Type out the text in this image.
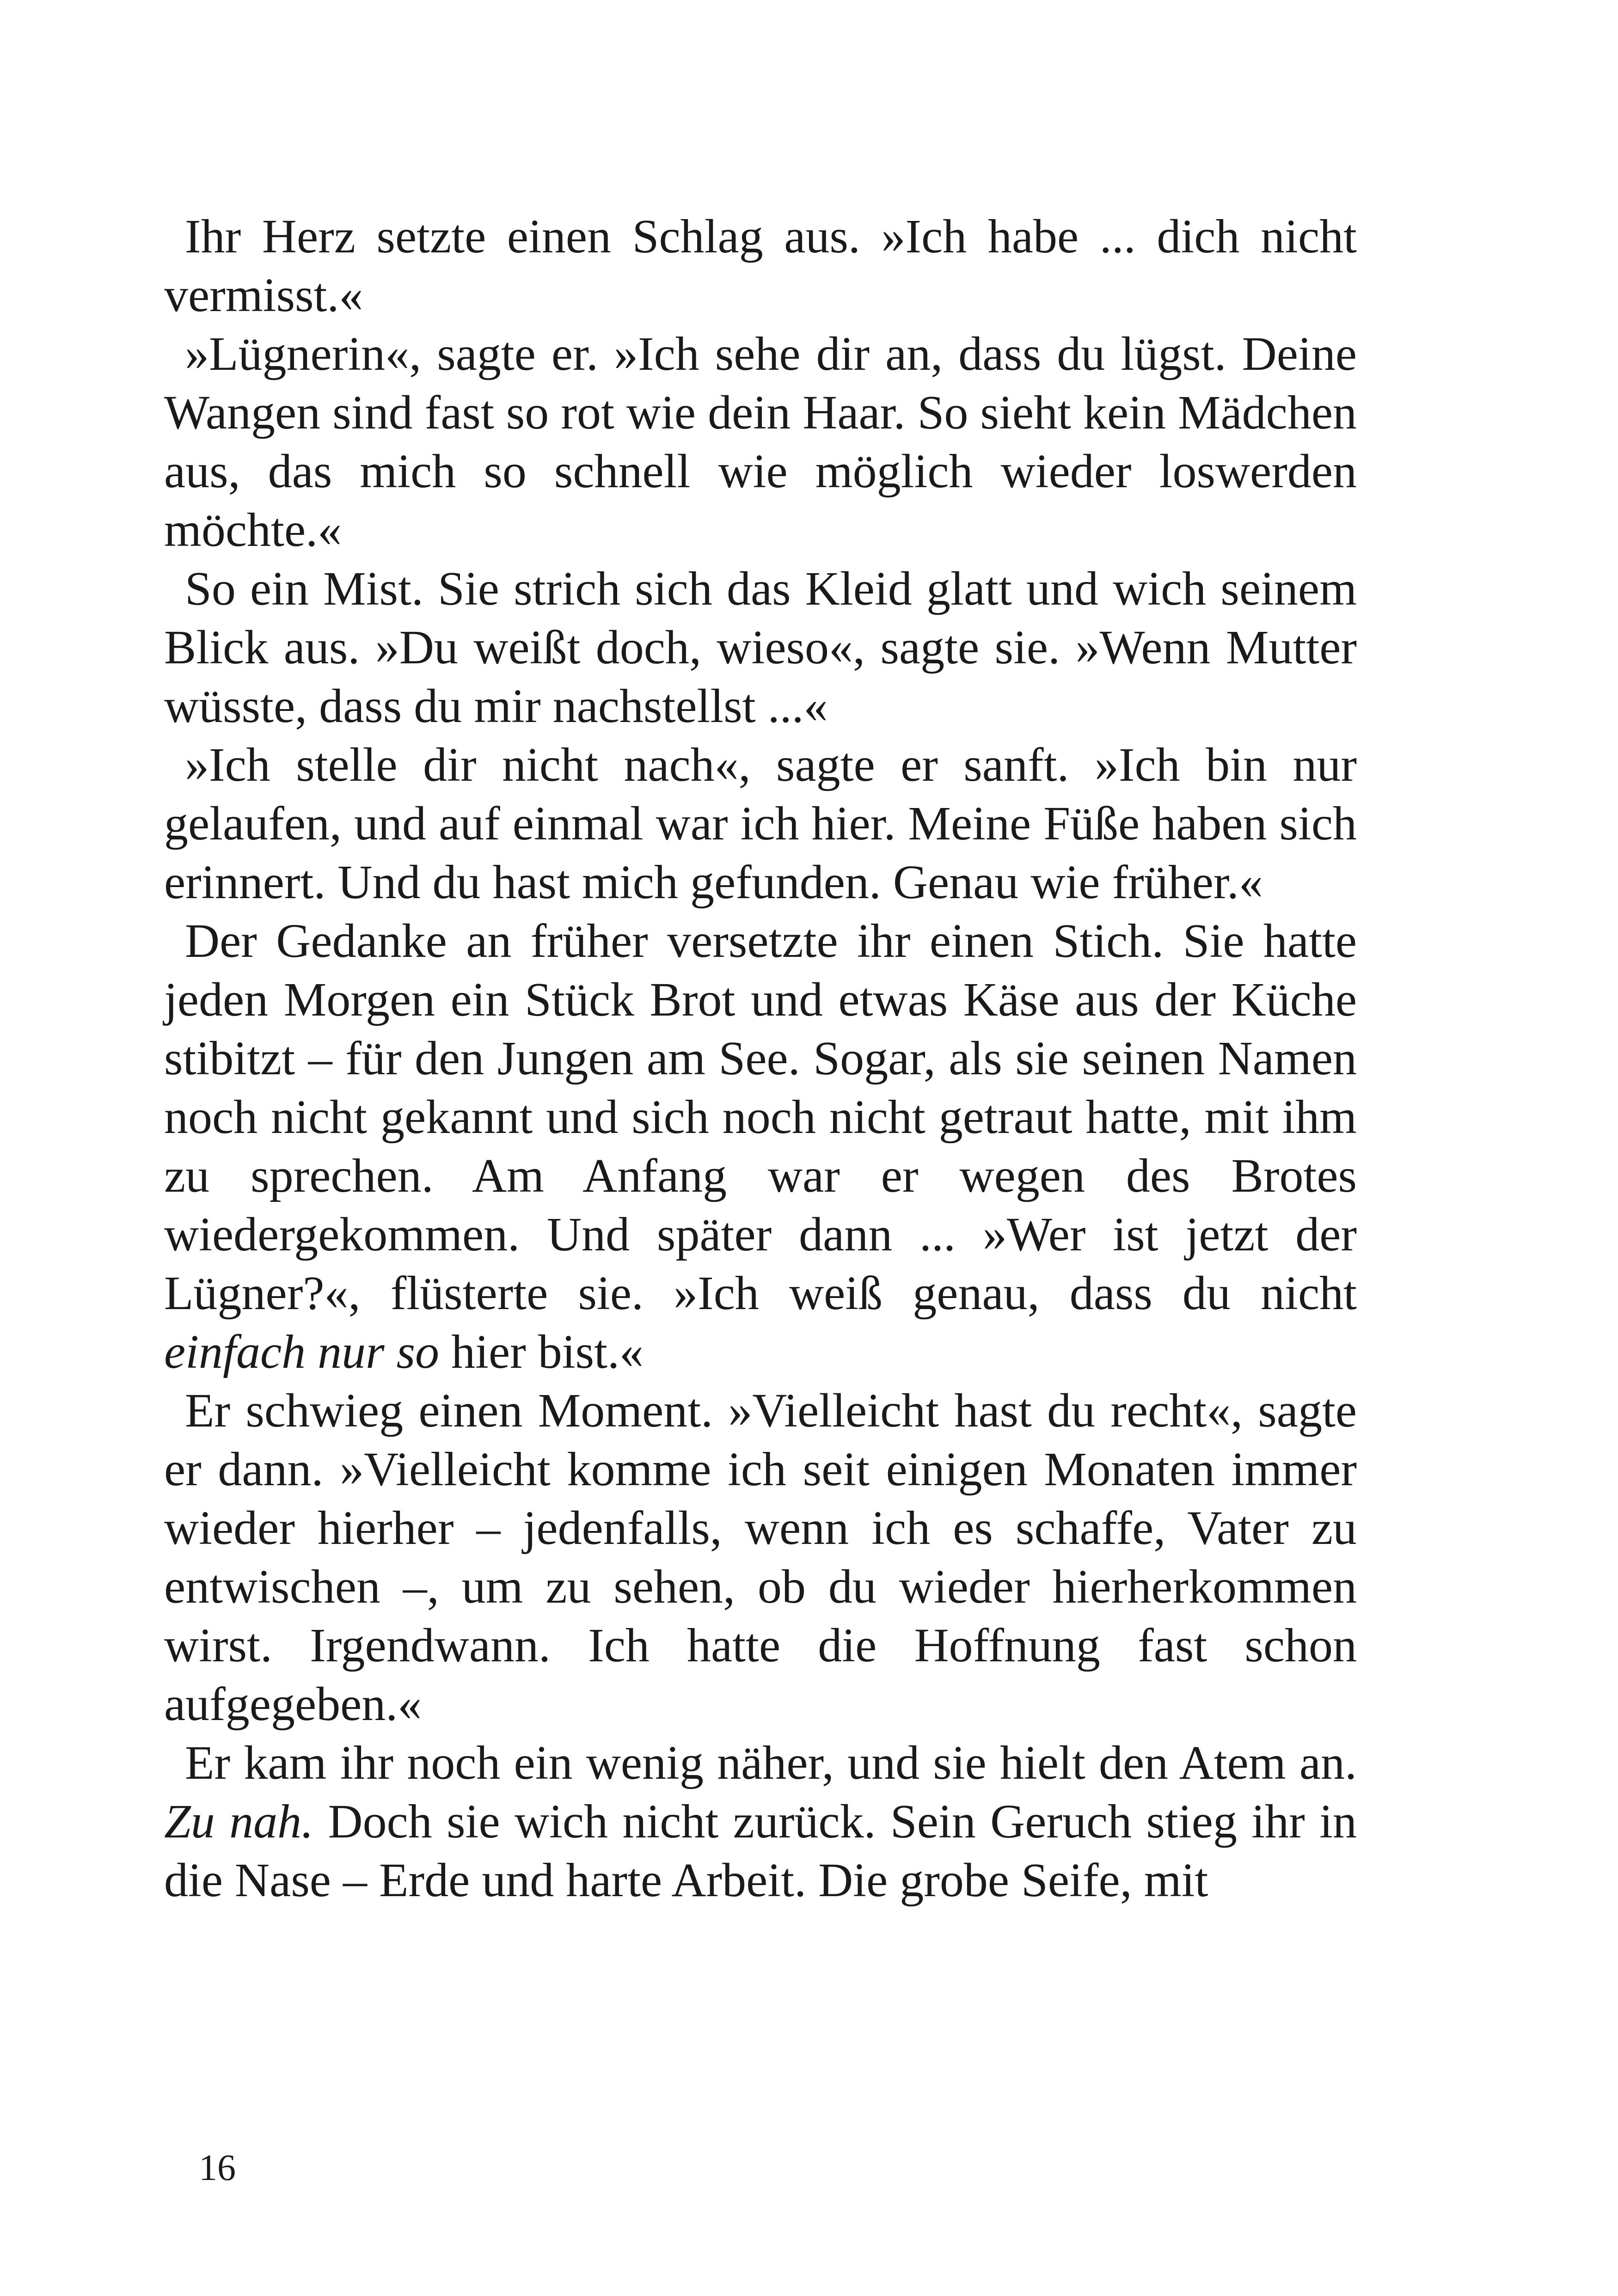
Ihr Herz setzte einen Schlag aus. »Ich habe ... dich nicht vermisst.«

»Lügnerin«, sagte er. »Ich sehe dir an, dass du lügst. Deine Wangen sind fast so rot wie dein Haar. So sieht kein Mädchen aus, das mich so schnell wie möglich wieder loswerden möchte.«

So ein Mist. Sie strich sich das Kleid glatt und wich seinem Blick aus. »Du weißt doch, wieso«, sagte sie. »Wenn Mutter wüsste, dass du mir nachstellst ...«

»Ich stelle dir nicht nach«, sagte er sanft. »Ich bin nur gelaufen, und auf einmal war ich hier. Meine Füße haben sich erinnert. Und du hast mich gefunden. Genau wie früher.«

Der Gedanke an früher versetzte ihr einen Stich. Sie hatte jeden Morgen ein Stück Brot und etwas Käse aus der Küche stibitzt – für den Jungen am See. Sogar, als sie seinen Namen noch nicht gekannt und sich noch nicht getraut hatte, mit ihm zu sprechen. Am Anfang war er wegen des Brotes wiedergekommen. Und später dann ... »Wer ist jetzt der Lügner?«, flüsterte sie. »Ich weiß genau, dass du nicht einfach nur so hier bist.«

Er schwieg einen Moment. »Vielleicht hast du recht«, sagte er dann. »Vielleicht komme ich seit einigen Monaten immer wieder hierher – jedenfalls, wenn ich es schaffe, Vater zu entwischen –, um zu sehen, ob du wieder hierherkommen wirst. Irgendwann. Ich hatte die Hoffnung fast schon aufgegeben.«

Er kam ihr noch ein wenig näher, und sie hielt den Atem an. Zu nah. Doch sie wich nicht zurück. Sein Geruch stieg ihr in die Nase – Erde und harte Arbeit. Die grobe Seife, mit

16
